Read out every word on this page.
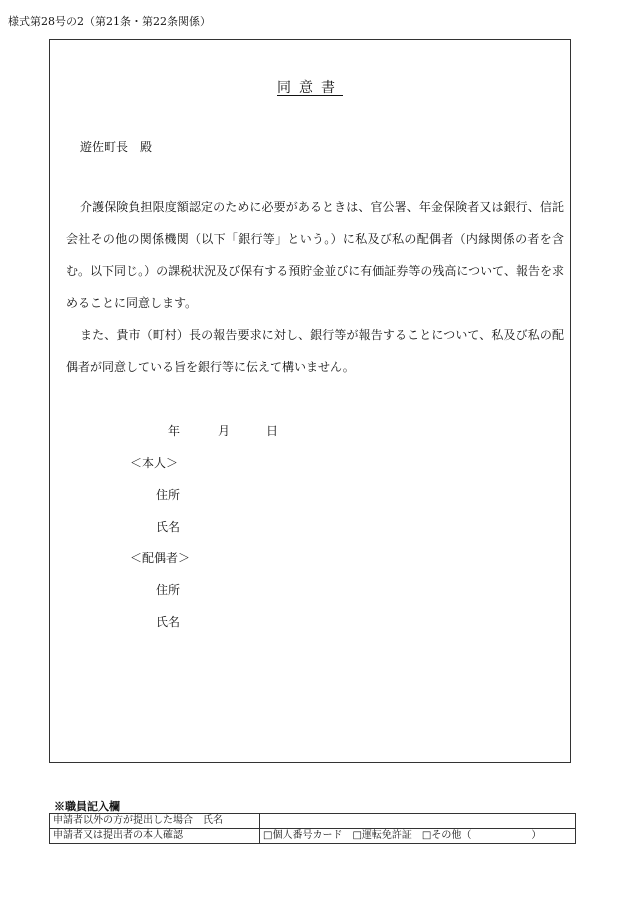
様式第28号の2（第21条・第22条関係）
同意書
遊佐町長　殿
介護保険負担限度額認定のために必要があるときは、官公署、年金保険者又は銀行、信託会社その他の関係機関（以下「銀行等」という。）に私及び私の配偶者（内縁関係の者を含む。以下同じ。）の課税状況及び保有する預貯金並びに有価証券等の残高について、報告を求めることに同意します。
また、貴市（町村）長の報告要求に対し、銀行等が報告することについて、私及び私の配偶者が同意している旨を銀行等に伝えて構いません。
年	月	日
＜本人＞
住所
氏名
＜配偶者＞
住所
氏名
※職員記入欄
申請者以外の方が提出した場合　氏名	
申請者又は提出者の本人確認	□個人番号カード □運転免許証 □その他（　　　　　　）
